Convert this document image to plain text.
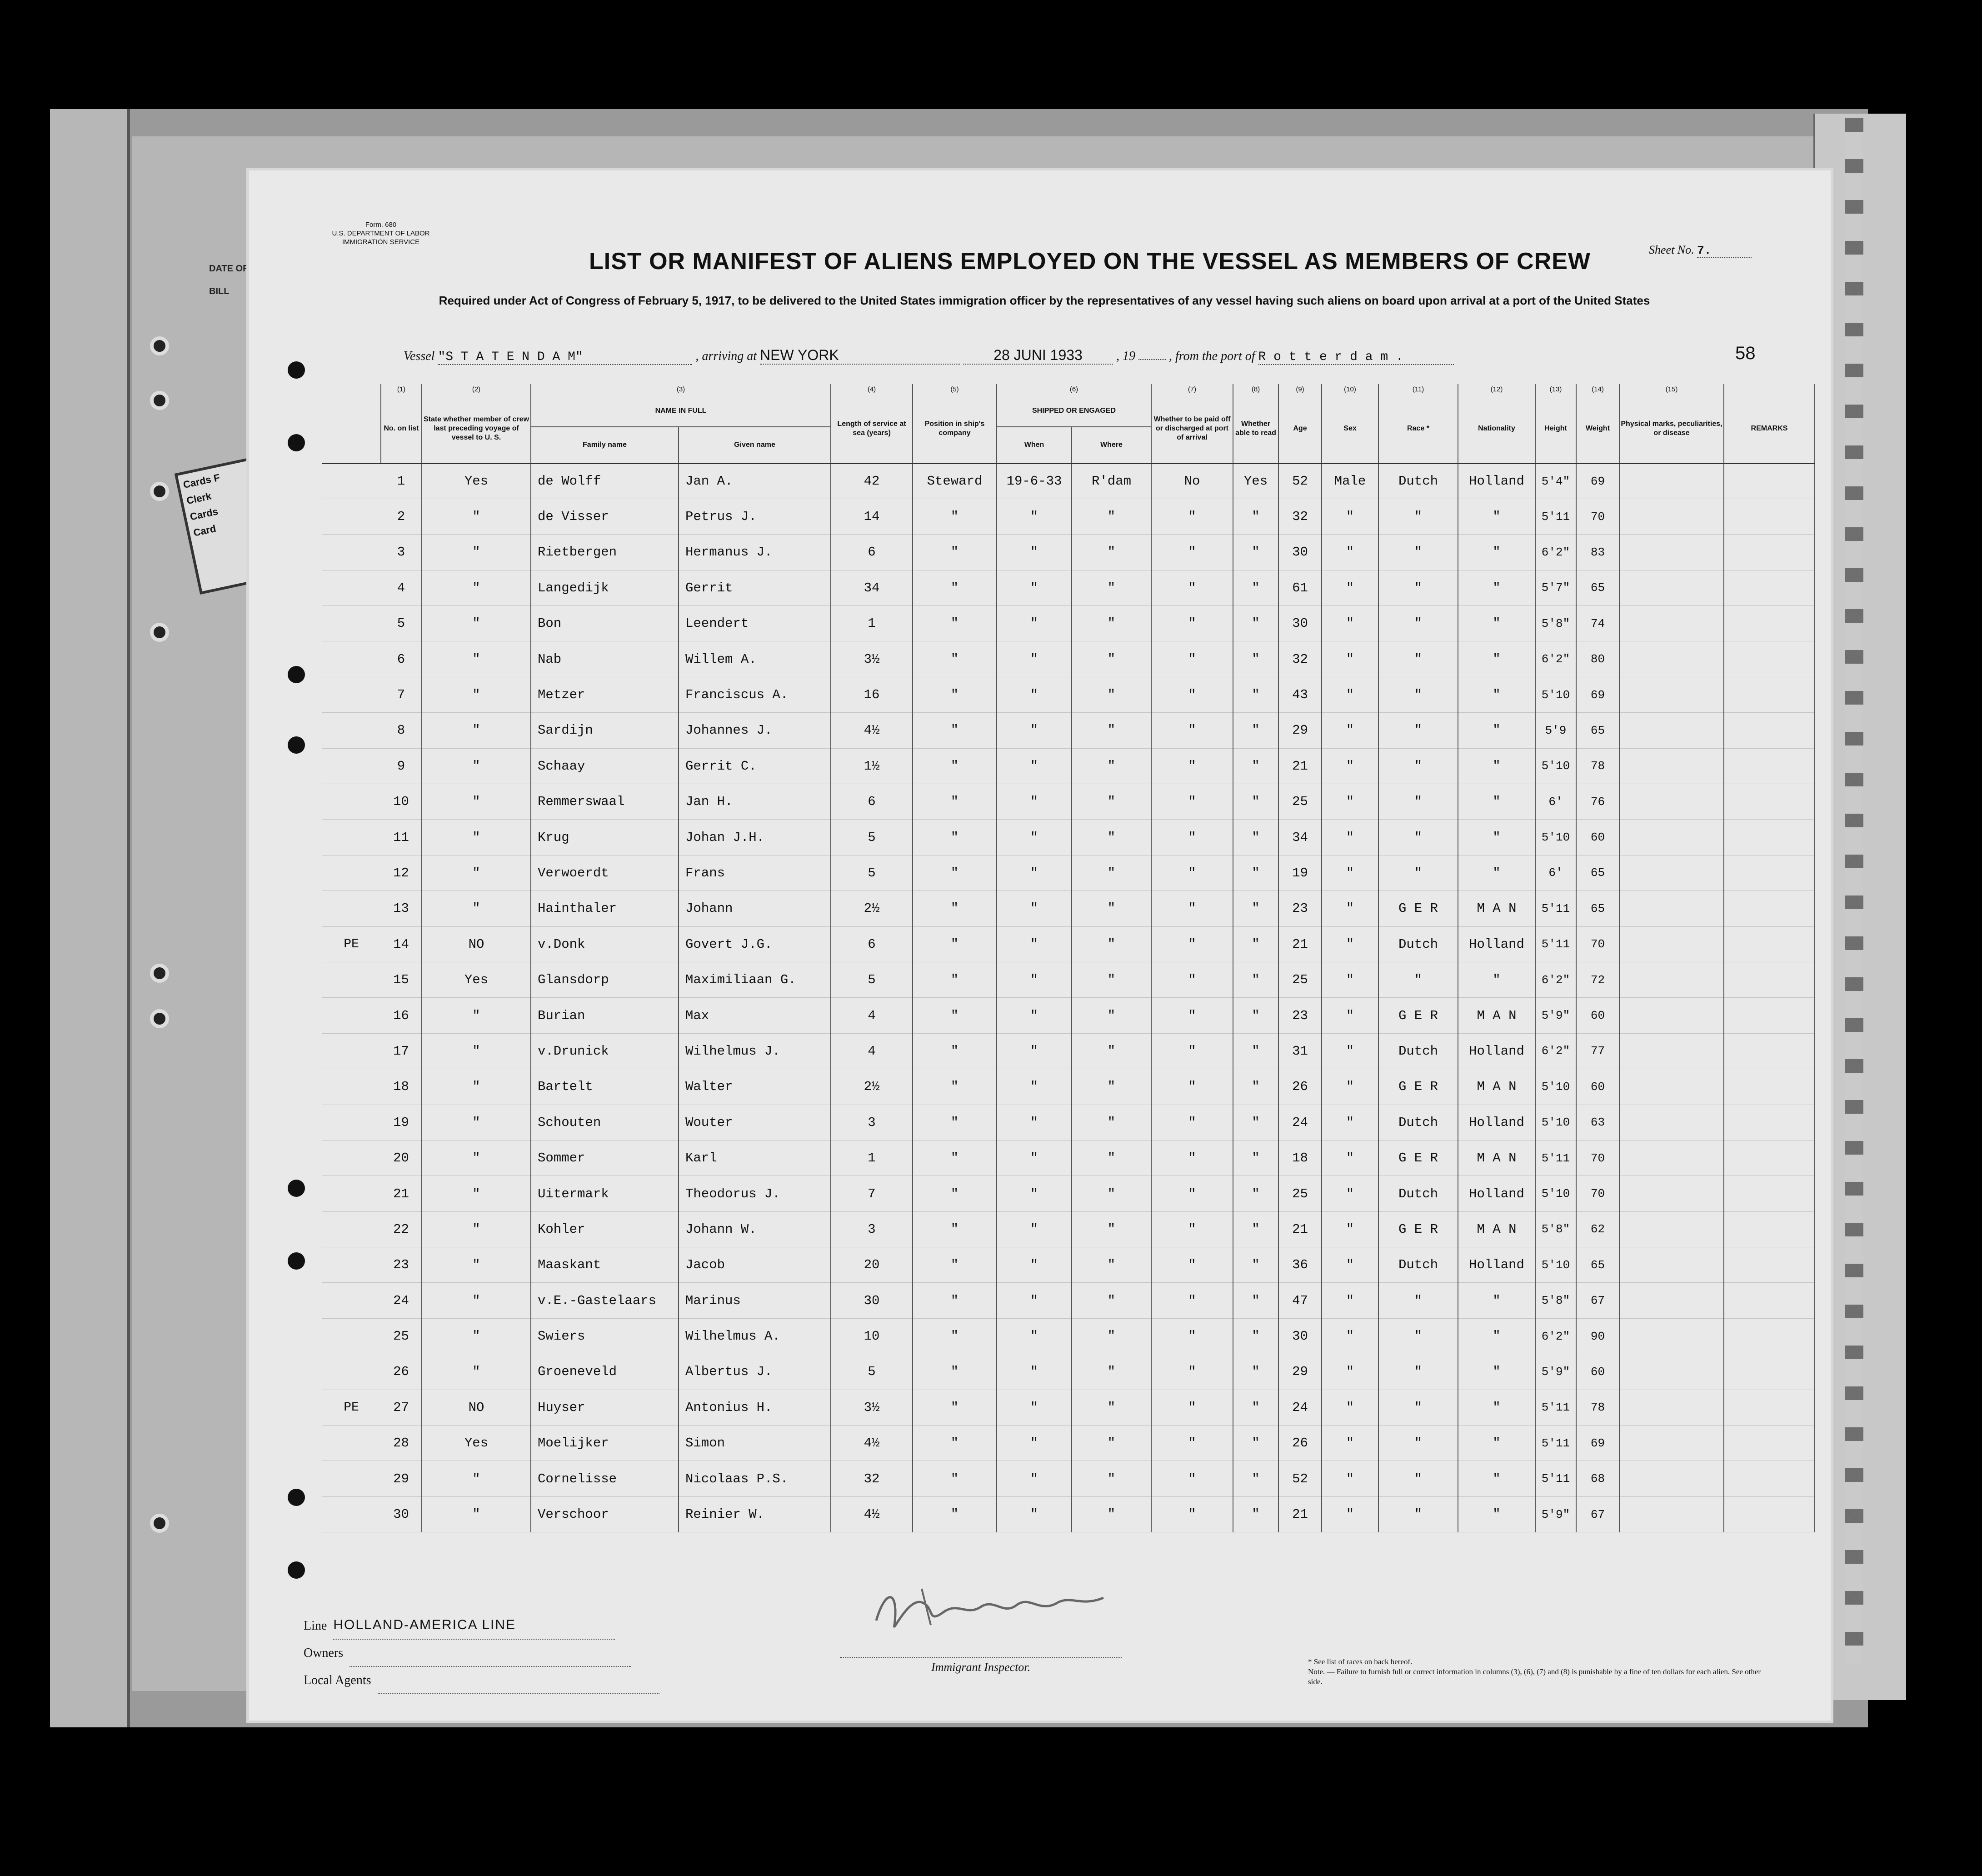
DATE OF
BILL
Cards F
Clerk
Cards
Card
Form. 680
U.S. DEPARTMENT OF LABOR
IMMIGRATION SERVICE
Sheet No. 7.
LIST OR MANIFEST OF ALIENS EMPLOYED ON THE VESSEL AS MEMBERS OF CREW
Required under Act of Congress of February 5, 1917, to be delivered to the United States immigration officer by the representatives of any vessel having such aliens on board upon arrival at a port of the United States
58
Vessel "S T A T E N D A M"	, arriving at NEW YORK	28 JUNI 1933	, 19	, from the port of R o t t e r d a m .
	(1)	(2)	(3)		(4)	(5)	(6)		(7)	(8)	(9)	(10)	(11)	(12)	(13)	(14)	(15)	
	No. on list	State whether member of crew last preceding voyage of vessel to U. S.	NAME IN FULL		Length of service at sea (years)	Position in ship's company	SHIPPED OR ENGAGED		Whether to be paid off or discharged at port of arrival	Whether able to read	Age	Sex	Race *	Nationality	Height	Weight	Physical marks, peculiarities, or disease	REMARKS
			Family name	Given name			When	Where										
	1	Yes	de Wolff	Jan A.	42	Steward	19-6-33	R'dam	No	Yes	52	Male	Dutch	Holland	5'4"	69		
	2	"	de Visser	Petrus J.	14	"	"	"	"	"	32	"	"	"	5'11	70		
	3	"	Rietbergen	Hermanus J.	6	"	"	"	"	"	30	"	"	"	6'2"	83		
	4	"	Langedijk	Gerrit	34	"	"	"	"	"	61	"	"	"	5'7"	65		
	5	"	Bon	Leendert	1	"	"	"	"	"	30	"	"	"	5'8"	74		
	6	"	Nab	Willem A.	3½	"	"	"	"	"	32	"	"	"	6'2"	80		
	7	"	Metzer	Franciscus A.	16	"	"	"	"	"	43	"	"	"	5'10	69		
	8	"	Sardijn	Johannes J.	4½	"	"	"	"	"	29	"	"	"	5'9	65		
	9	"	Schaay	Gerrit C.	1½	"	"	"	"	"	21	"	"	"	5'10	78		
	10	"	Remmerswaal	Jan H.	6	"	"	"	"	"	25	"	"	"	6'	76		
	11	"	Krug	Johan J.H.	5	"	"	"	"	"	34	"	"	"	5'10	60		
	12	"	Verwoerdt	Frans	5	"	"	"	"	"	19	"	"	"	6'	65		
	13	"	Hainthaler	Johann	2½	"	"	"	"	"	23	"	G E R	M A N	5'11	65		
PE	14	NO	v.Donk	Govert J.G.	6	"	"	"	"	"	21	"	Dutch	Holland	5'11	70		
	15	Yes	Glansdorp	Maximiliaan G.	5	"	"	"	"	"	25	"	"	"	6'2"	72		
	16	"	Burian	Max	4	"	"	"	"	"	23	"	G E R	M A N	5'9"	60		
	17	"	v.Drunick	Wilhelmus J.	4	"	"	"	"	"	31	"	Dutch	Holland	6'2"	77		
	18	"	Bartelt	Walter	2½	"	"	"	"	"	26	"	G E R	M A N	5'10	60		
	19	"	Schouten	Wouter	3	"	"	"	"	"	24	"	Dutch	Holland	5'10	63		
	20	"	Sommer	Karl	1	"	"	"	"	"	18	"	G E R	M A N	5'11	70		
	21	"	Uitermark	Theodorus J.	7	"	"	"	"	"	25	"	Dutch	Holland	5'10	70		
	22	"	Kohler	Johann W.	3	"	"	"	"	"	21	"	G E R	M A N	5'8"	62		
	23	"	Maaskant	Jacob	20	"	"	"	"	"	36	"	Dutch	Holland	5'10	65		
	24	"	v.E.-Gastelaars	Marinus	30	"	"	"	"	"	47	"	"	"	5'8"	67		
	25	"	Swiers	Wilhelmus A.	10	"	"	"	"	"	30	"	"	"	6'2"	90		
	26	"	Groeneveld	Albertus J.	5	"	"	"	"	"	29	"	"	"	5'9"	60		
PE	27	NO	Huyser	Antonius H.	3½	"	"	"	"	"	24	"	"	"	5'11	78		
	28	Yes	Moelijker	Simon	4½	"	"	"	"	"	26	"	"	"	5'11	69		
	29	"	Cornelisse	Nicolaas P.S.	32	"	"	"	"	"	52	"	"	"	5'11	68		
	30	"	Verschoor	Reinier W.	4½	"	"	"	"	"	21	"	"	"	5'9"	67		
Line HOLLAND-AMERICA LINE
Owners
Local Agents
Immigrant Inspector.	* See list of races on back hereof.
Note. — Failure to furnish full or correct information in columns (3), (6), (7) and (8) is punishable by a fine of ten dollars for each alien. See other side.
